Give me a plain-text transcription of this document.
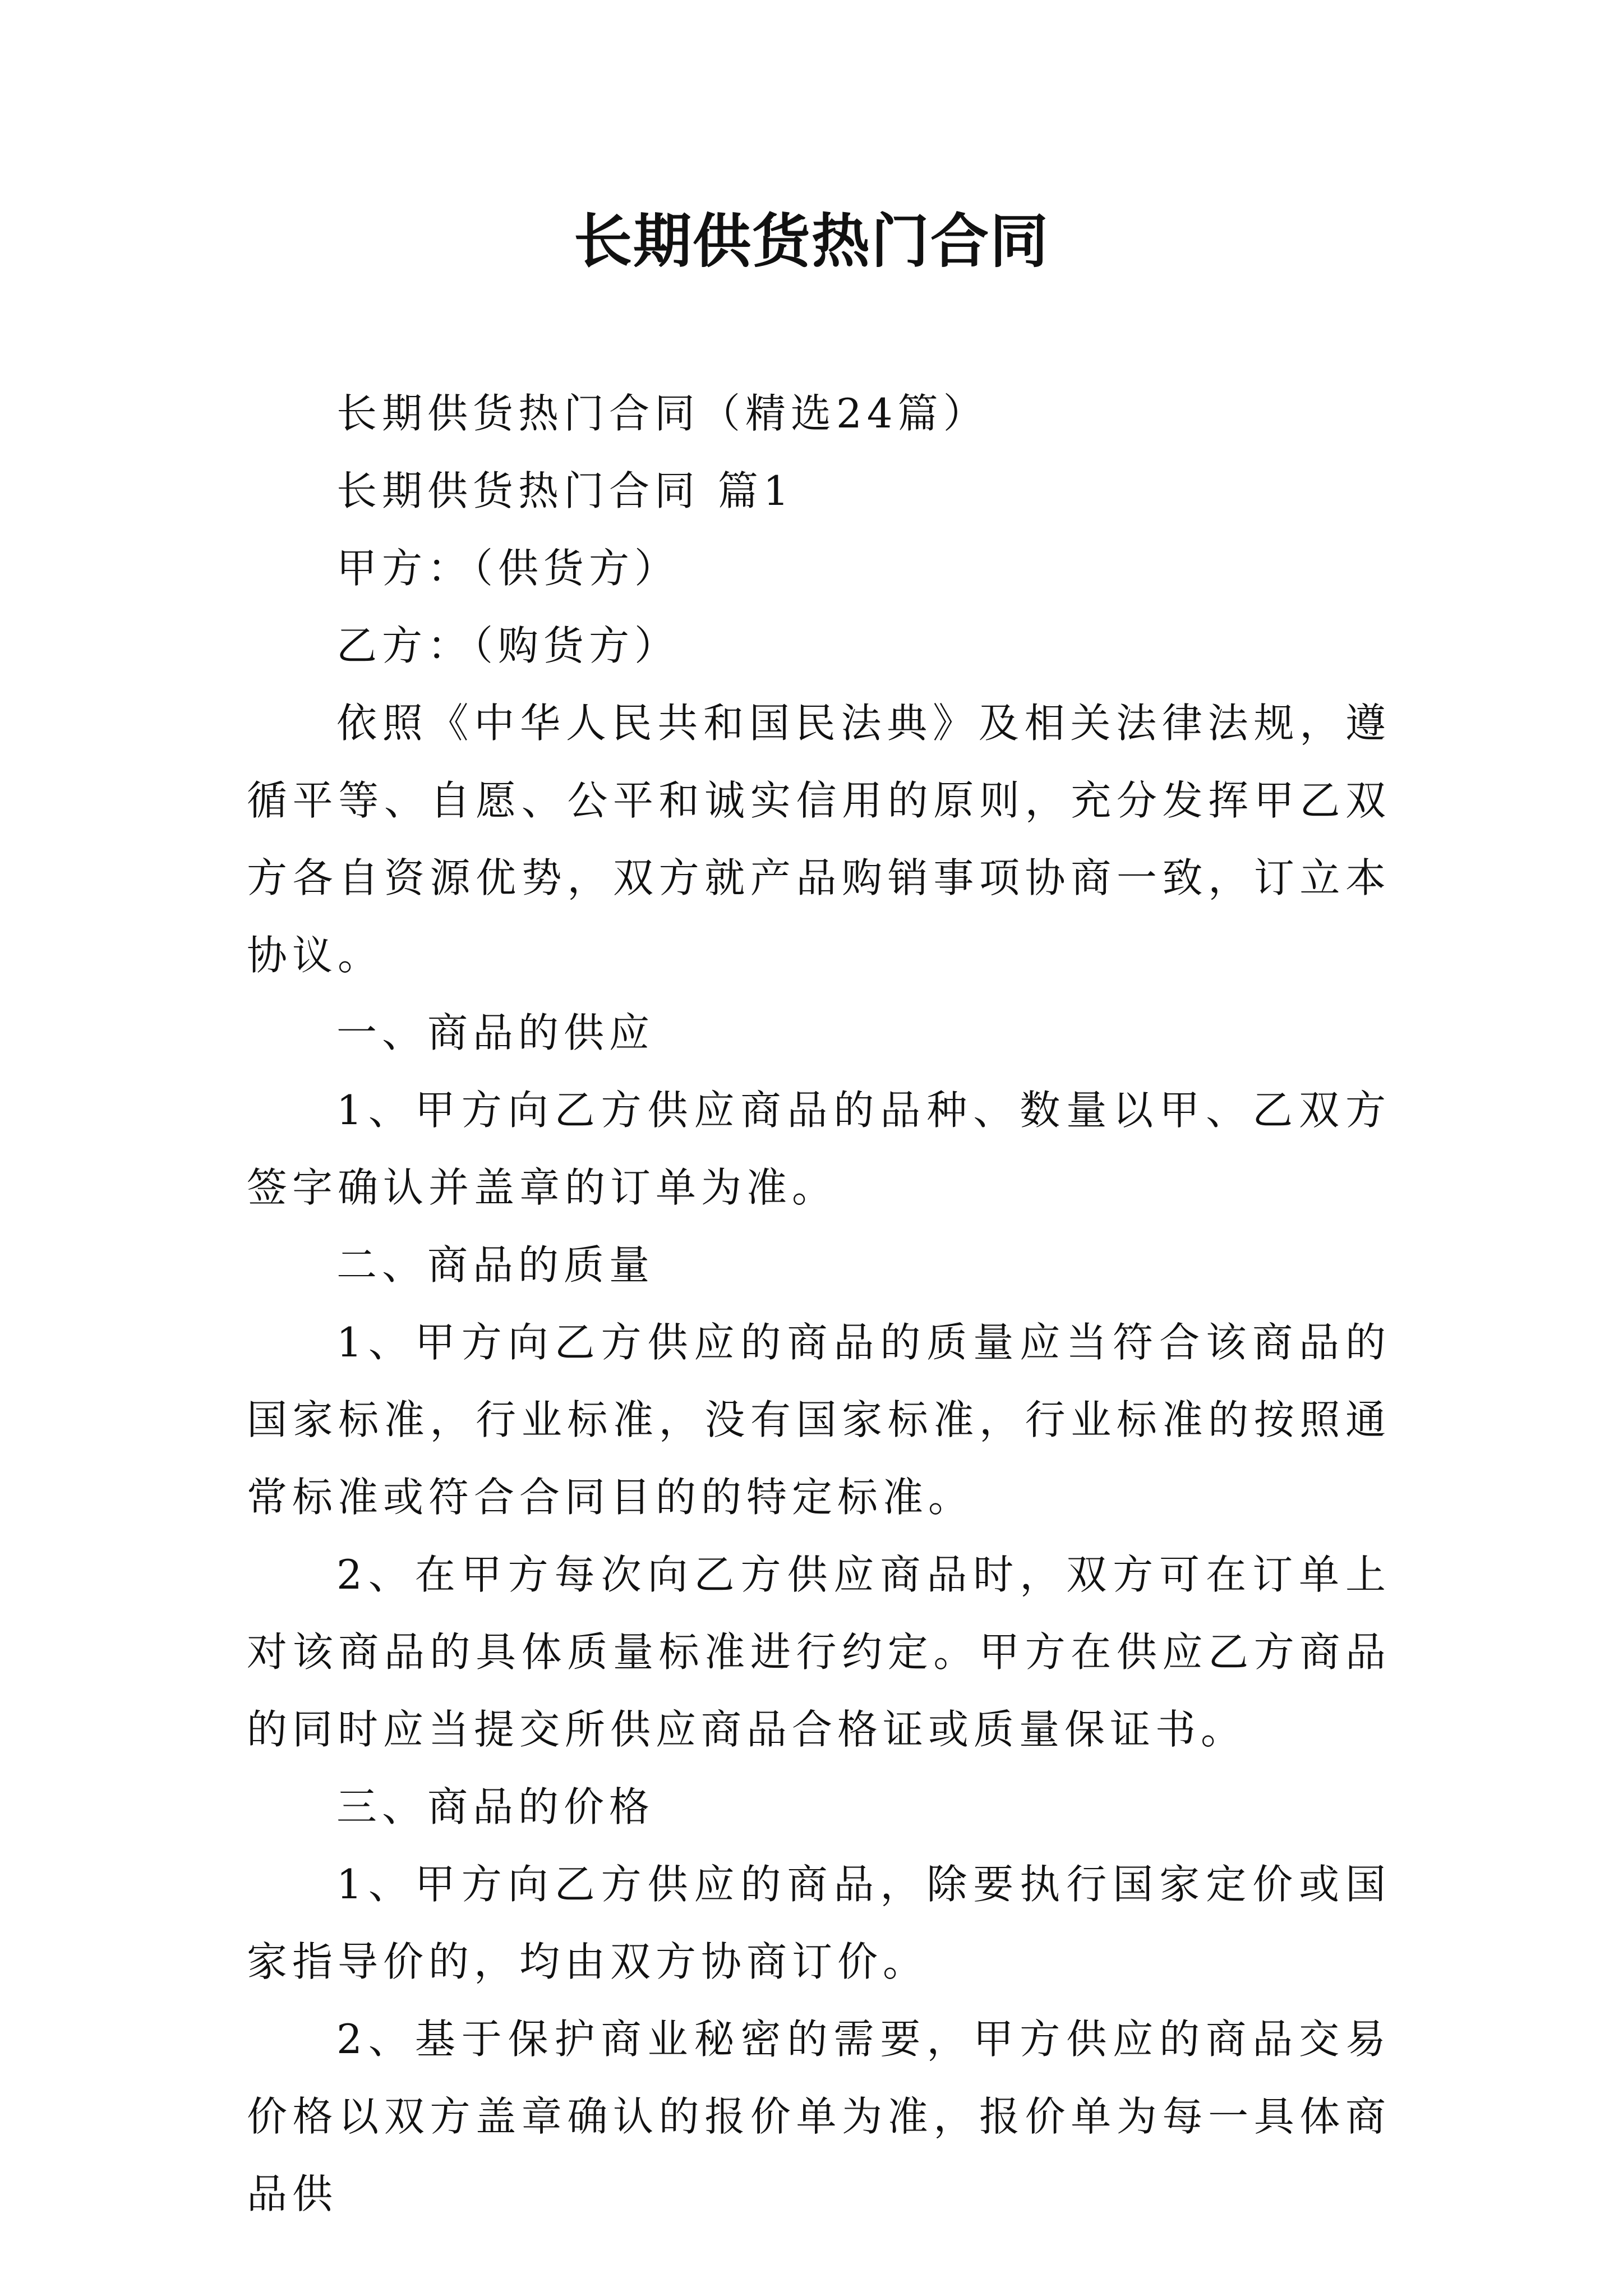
长期供货热门合同

长期供货热门合同（精选24篇）

长期供货热门合同 篇1

甲方：（供货方）

乙方：（购货方）

依照《中华人民共和国民法典》及相关法律法规，遵循平等、自愿、公平和诚实信用的原则，充分发挥甲乙双方各自资源优势，双方就产品购销事项协商一致，订立本协议。

一、商品的供应

1、甲方向乙方供应商品的品种、数量以甲、乙双方签字确认并盖章的订单为准。

二、商品的质量

1、甲方向乙方供应的商品的质量应当符合该商品的国家标准，行业标准，没有国家标准，行业标准的按照通常标准或符合合同目的的特定标准。

2、在甲方每次向乙方供应商品时，双方可在订单上对该商品的具体质量标准进行约定。甲方在供应乙方商品的同时应当提交所供应商品合格证或质量保证书。

三、商品的价格

1、甲方向乙方供应的商品，除要执行国家定价或国家指导价的，均由双方协商订价。

2、基于保护商业秘密的需要，甲方供应的商品交易价格以双方盖章确认的报价单为准，报价单为每一具体商品供
